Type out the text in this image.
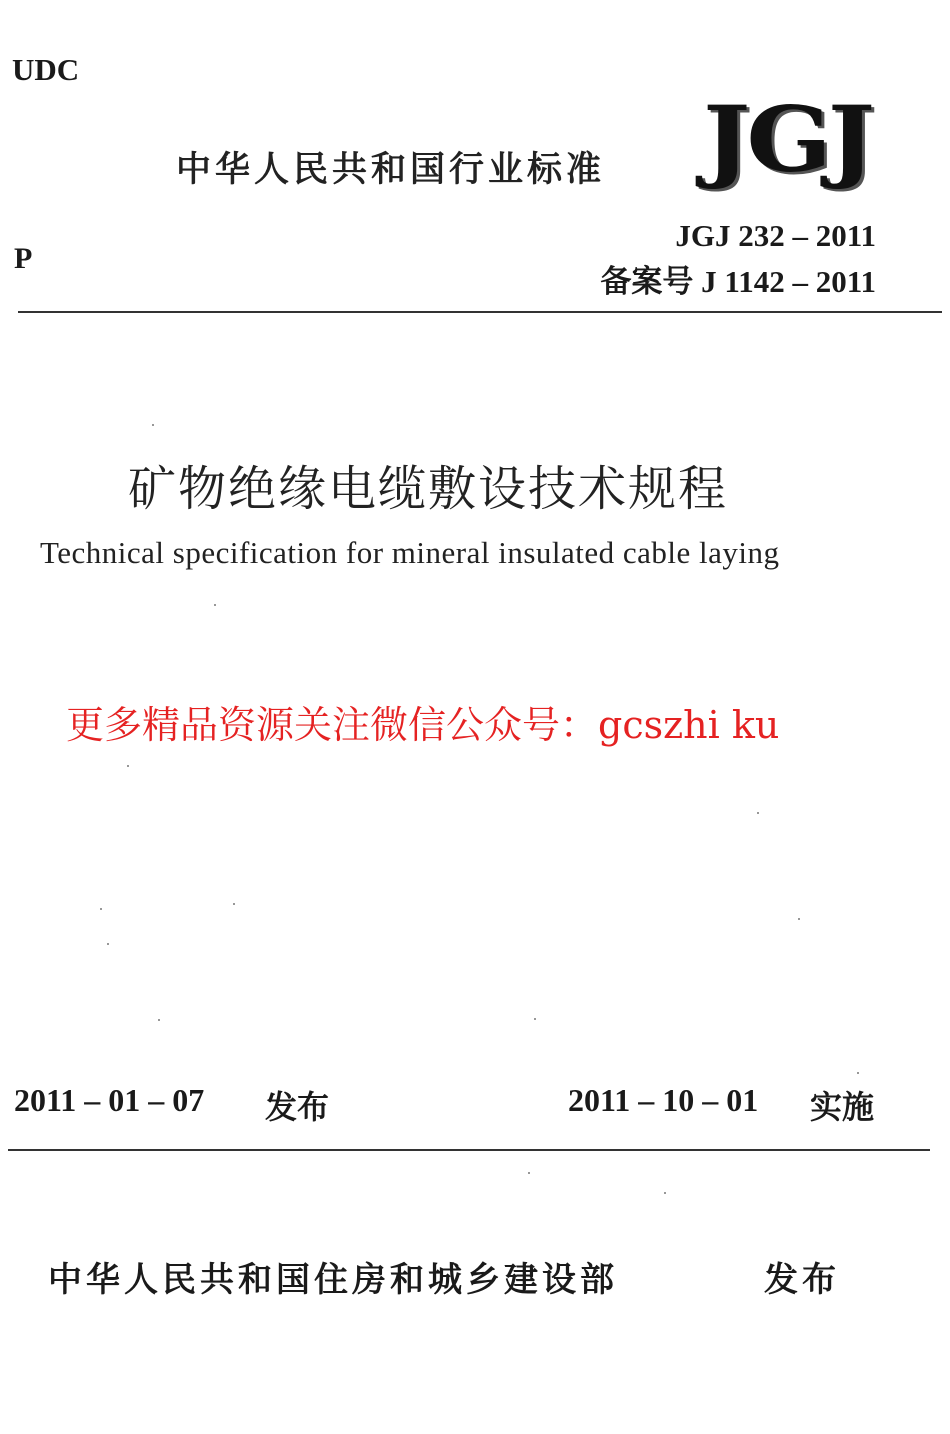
UDC
中华人民共和国行业标准 JGJ
P
JGJ 232 – 2011
备案号 J 1142 – 2011
矿物绝缘电缆敷设技术规程
Technical specification for mineral insulated cable laying
更多精品资源关注微信公众号：gcszhi ku
2011 – 01 – 07 发布	2011 – 10 – 01 实施
中华人民共和国住房和城乡建设部	发布
